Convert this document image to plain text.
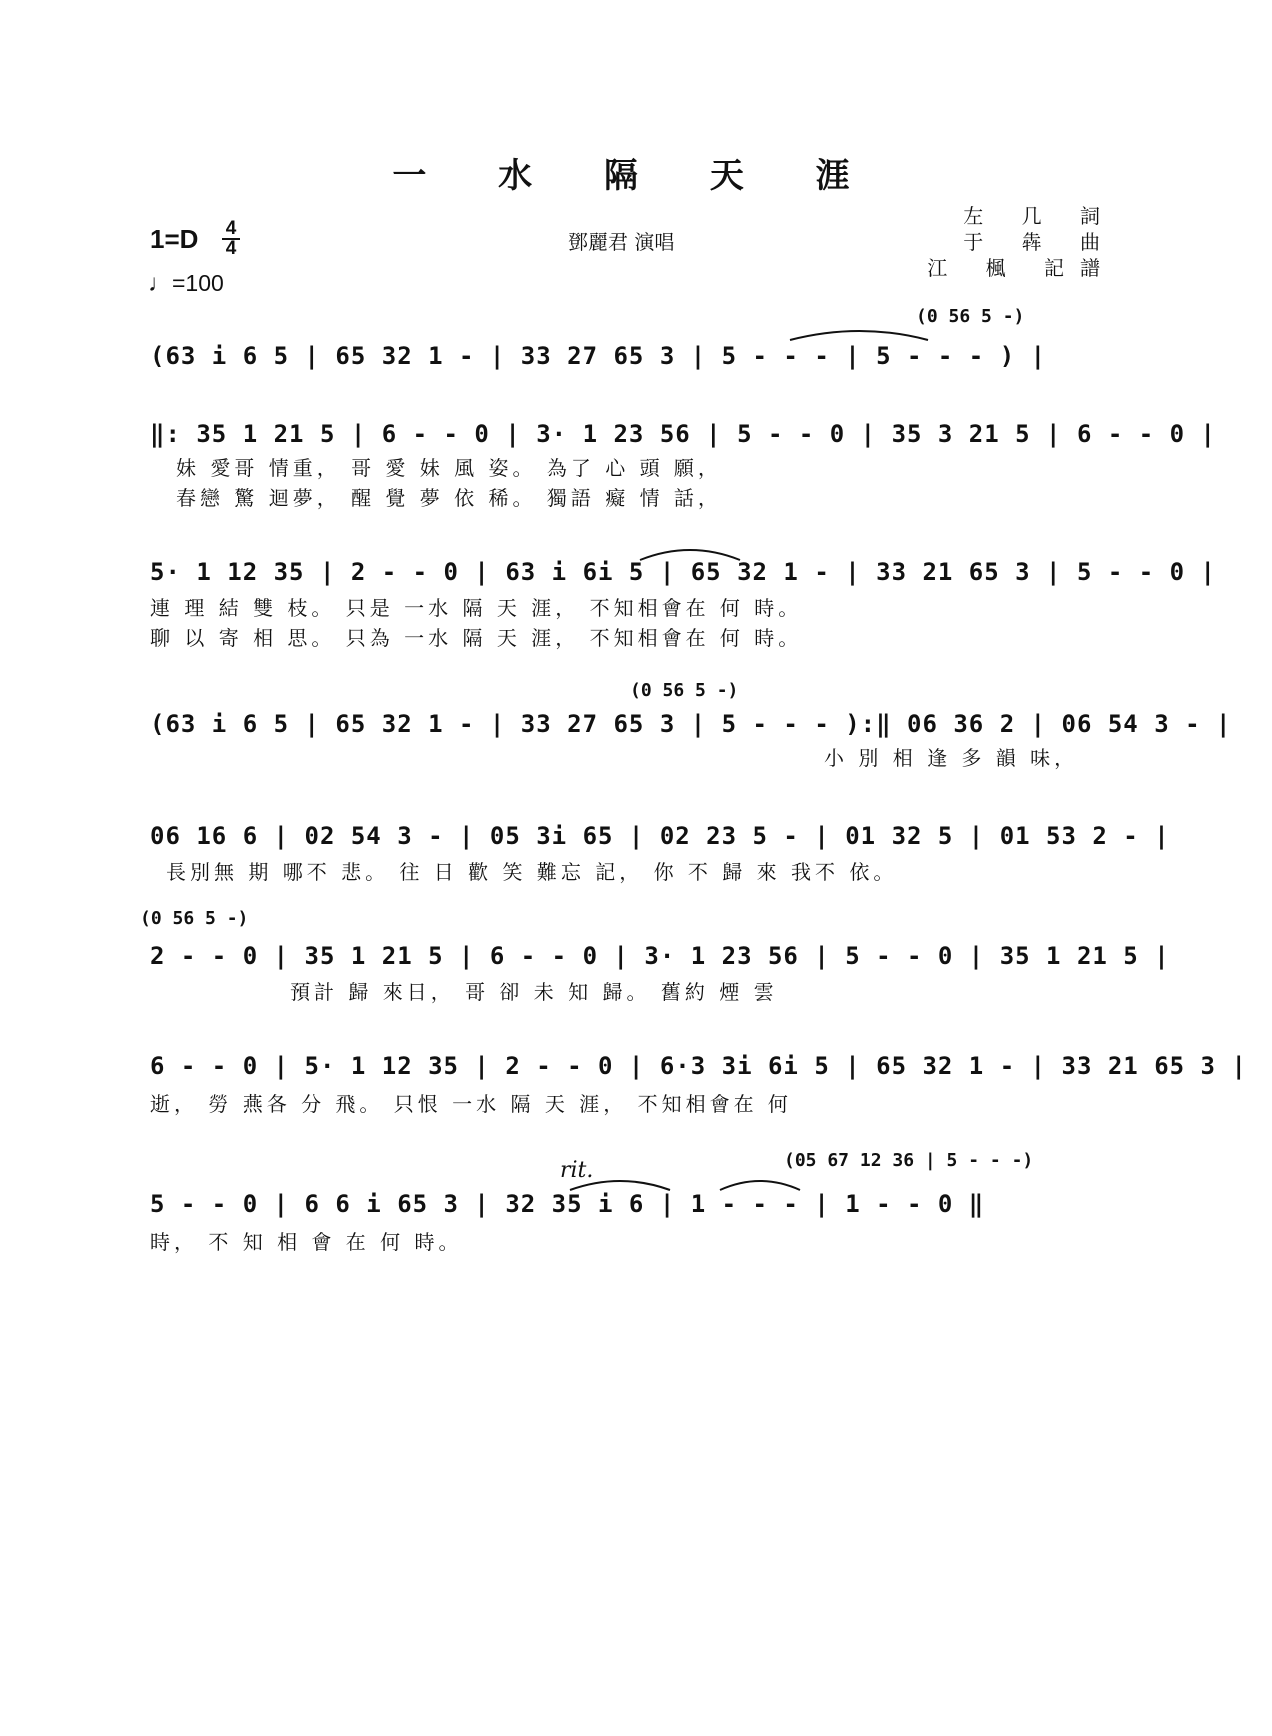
一 水 隔 天 涯
1=D 4
4
♩=100
鄧麗君 演唱
左 几 詞
于 犇 曲
江 楓 記譜
(0 56 5 -)
(63 i 6 5 | 65 32 1 - | 33 27 65 3 | 5 - - - | 5 - - - ) |
‖: 35 1 21 5 | 6 - - 0 | 3· 1 23 56 | 5 - - 0 | 35 3 21 5 | 6 - - 0 |
妹 愛哥 情重， 哥 愛 妹 風 姿。 為了 心 頭 願，
春戀 驚 迴夢， 醒 覺 夢 依 稀。 獨語 癡 情 話，
5· 1 12 35 | 2 - - 0 | 63 i 6i 5 | 65 32 1 - | 33 21 65 3 | 5 - - 0 |
連 理 結 雙 枝。 只是 一水 隔 天 涯， 不知相會在 何 時。
聊 以 寄 相 思。 只為 一水 隔 天 涯， 不知相會在 何 時。
(0 56 5 -)
(63 i 6 5 | 65 32 1 - | 33 27 65 3 | 5 - - - ):‖ 06 36 2 | 06 54 3 - |
小 別 相 逢 多 韻 味，
06 16 6 | 02 54 3 - | 05 3i 65 | 02 23 5 - | 01 32 5 | 01 53 2 - |
長別無 期 哪不 悲。 往 日 歡 笑 難忘 記， 你 不 歸 來 我不 依。
(0 56 5 -)
2 - - 0 | 35 1 21 5 | 6 - - 0 | 3· 1 23 56 | 5 - - 0 | 35 1 21 5 |
預計 歸 來日， 哥 卻 未 知 歸。 舊約 煙 雲
6 - - 0 | 5· 1 12 35 | 2 - - 0 | 6·3 3i 6i 5 | 65 32 1 - | 33 21 65 3 |
逝， 勞 燕各 分 飛。 只恨 一水 隔 天 涯， 不知相會在 何
rit.	(05 67 12 36 | 5 - - -)
5 - - 0 | 6 6 i 65 3 | 32 35 i 6 | 1 - - - | 1 - - 0 ‖
時， 不 知 相 會 在 何 時。
